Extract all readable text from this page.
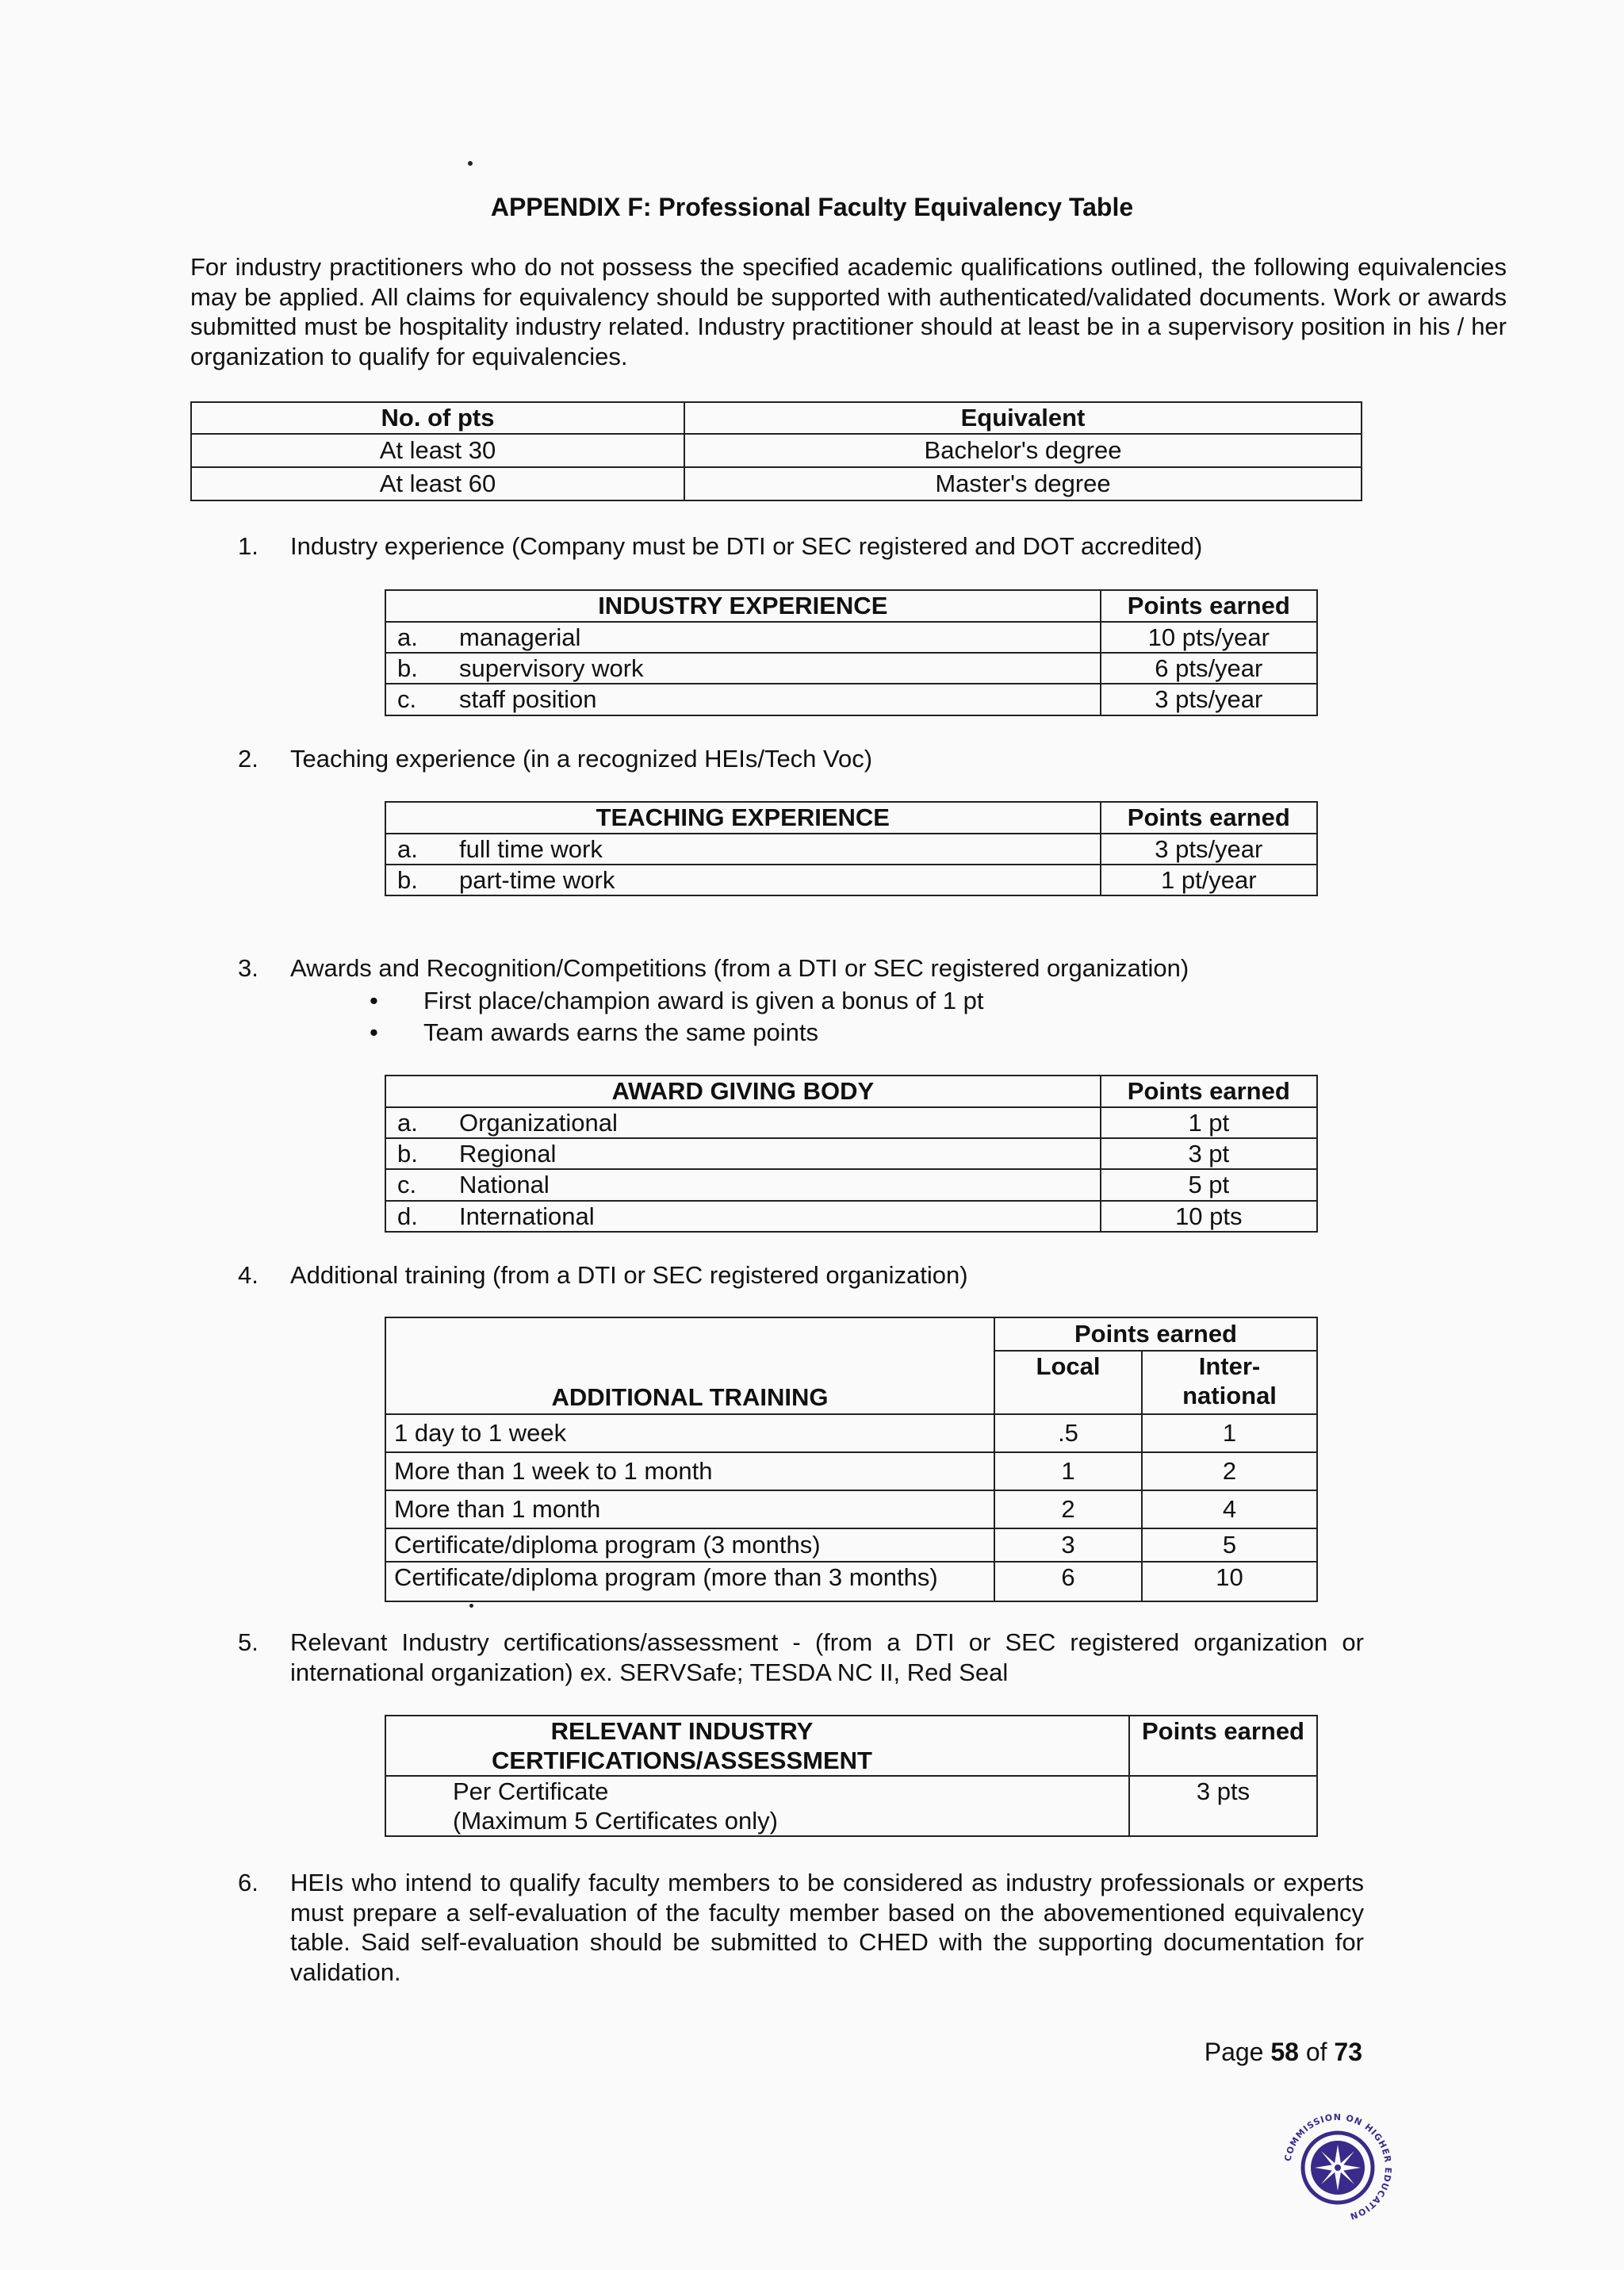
APPENDIX F: Professional Faculty Equivalency Table
For industry practitioners who do not possess the specified academic qualifications outlined, the following equivalencies may be applied. All claims for equivalency should be supported with authenticated/validated documents. Work or awards submitted must be hospitality industry related. Industry practitioner should at least be in a supervisory position in his / her organization to qualify for equivalencies.
No. of pts	Equivalent
At least 30	Bachelor's degree
At least 60	Master's degree
1.	Industry experience (Company must be DTI or SEC registered and DOT accredited)
INDUSTRY EXPERIENCE		Points earned
a.	managerial	10 pts/year
b.	supervisory work	6 pts/year
c.	staff position	3 pts/year
2.	Teaching experience (in a recognized HEIs/Tech Voc)
TEACHING EXPERIENCE		Points earned
a.	full time work	3 pts/year
b.	part-time work	1 pt/year
3.	Awards and Recognition/Competitions (from a DTI or SEC registered organization)
• First place/champion award is given a bonus of 1 pt
• Team awards earns the same points
AWARD GIVING BODY		Points earned
a.	Organizational	1 pt
b.	Regional	3 pt
c.	National	5 pt
d.	International	10 pts
4.	Additional training (from a DTI or SEC registered organization)
ADDITIONAL TRAINING	Points earned	
	Local	Inter-
national
1 day to 1 week	.5	1
More than 1 week to 1 month	1	2
More than 1 month	2	4
Certificate/diploma program (3 months)	3	5
Certificate/diploma program (more than 3 months)	6	10
5.	Relevant Industry certifications/assessment - (from a DTI or SEC registered organization or international organization) ex. SERVSafe; TESDA NC II, Red Seal
RELEVANT INDUSTRY CERTIFICATIONS/ASSESSMENT	Points earned

Per Certificate
(Maximum 5 Certificates only)	3 pts
6.	HEIs who intend to qualify faculty members to be considered as industry professionals or experts must prepare a self-evaluation of the faculty member based on the abovementioned equivalency table. Said self-evaluation should be submitted to CHED with the supporting documentation for validation.
Page 58 of 73
COMMISSION ON HIGHER EDUCATION
